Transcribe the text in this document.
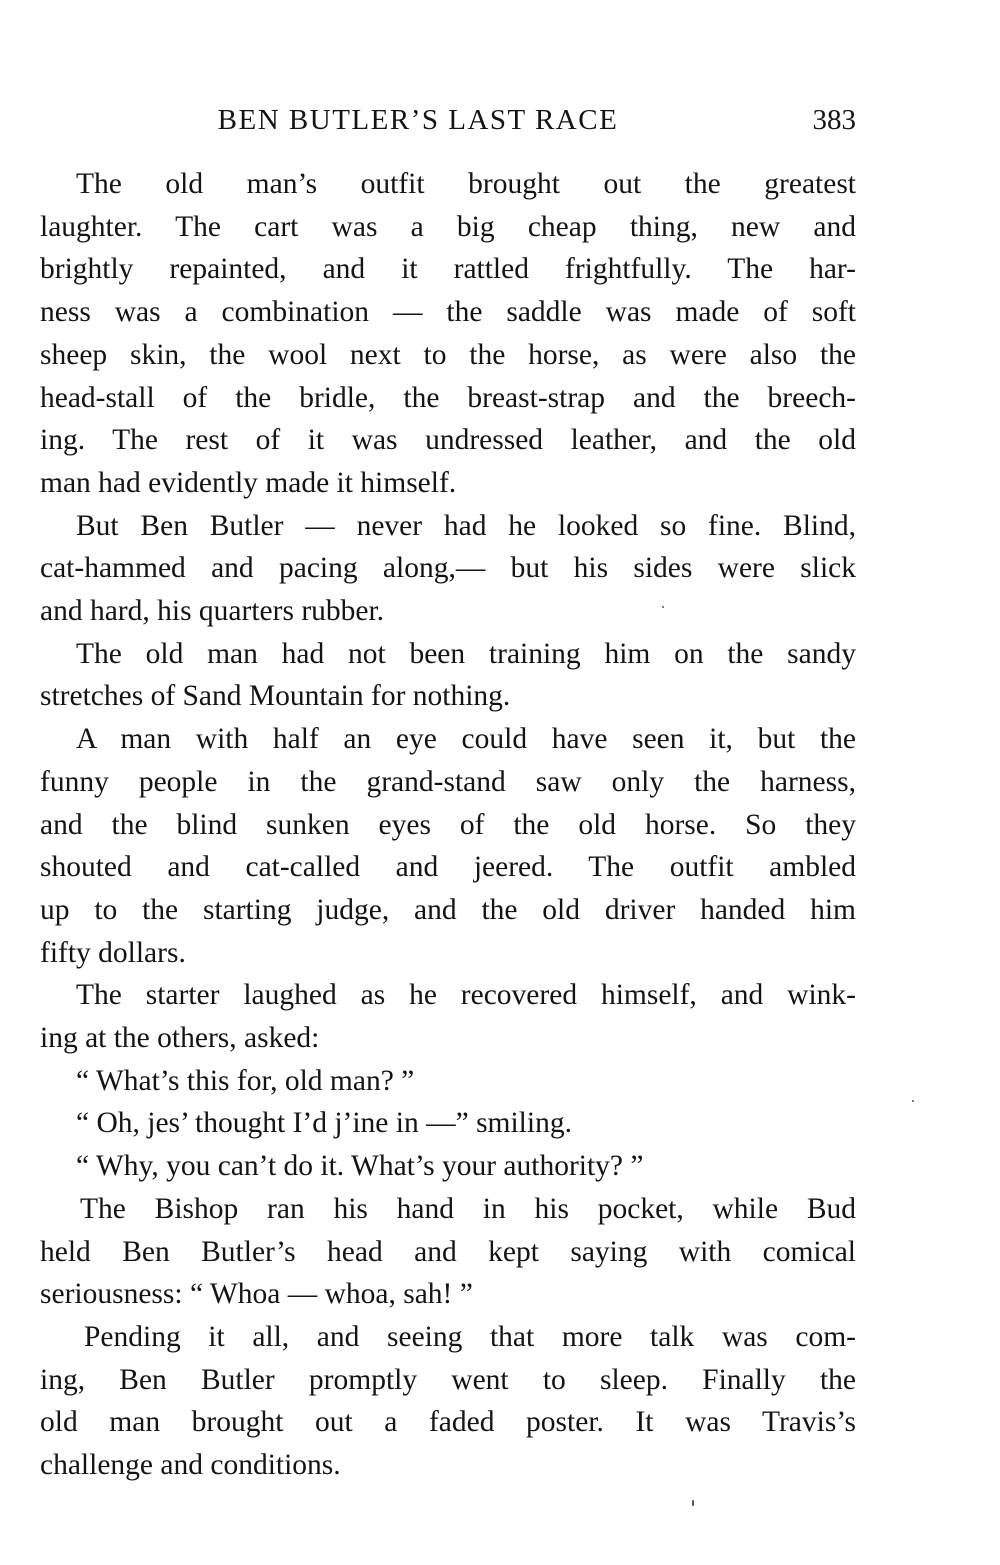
BEN BUTLER’S LAST RACE	383
The old man’s outfit brought out the greatest
laughter. The cart was a big cheap thing, new and
brightly repainted, and it rattled frightfully. The har-
ness was a combination — the saddle was made of soft
sheep skin, the wool next to the horse, as were also the
head-stall of the bridle, the breast-strap and the breech-
ing. The rest of it was undressed leather, and the old
man had evidently made it himself.
But Ben Butler — never had he looked so fine. Blind,
cat-hammed and pacing along,— but his sides were slick
and hard, his quarters rubber.
The old man had not been training him on the sandy
stretches of Sand Mountain for nothing.
A man with half an eye could have seen it, but the
funny people in the grand-stand saw only the harness,
and the blind sunken eyes of the old horse. So they
shouted and cat-called and jeered. The outfit ambled
up to the starting judge, and the old driver handed him
fifty dollars.
The starter laughed as he recovered himself, and wink-
ing at the others, asked:
“ What’s this for, old man? ”
“ Oh, jes’ thought I’d j’ine in —” smiling.
“ Why, you can’t do it. What’s your authority? ”
The Bishop ran his hand in his pocket, while Bud
held Ben Butler’s head and kept saying with comical
seriousness: “ Whoa — whoa, sah! ”
Pending it all, and seeing that more talk was com-
ing, Ben Butler promptly went to sleep. Finally the
old man brought out a faded poster. It was Travis’s
challenge and conditions.
